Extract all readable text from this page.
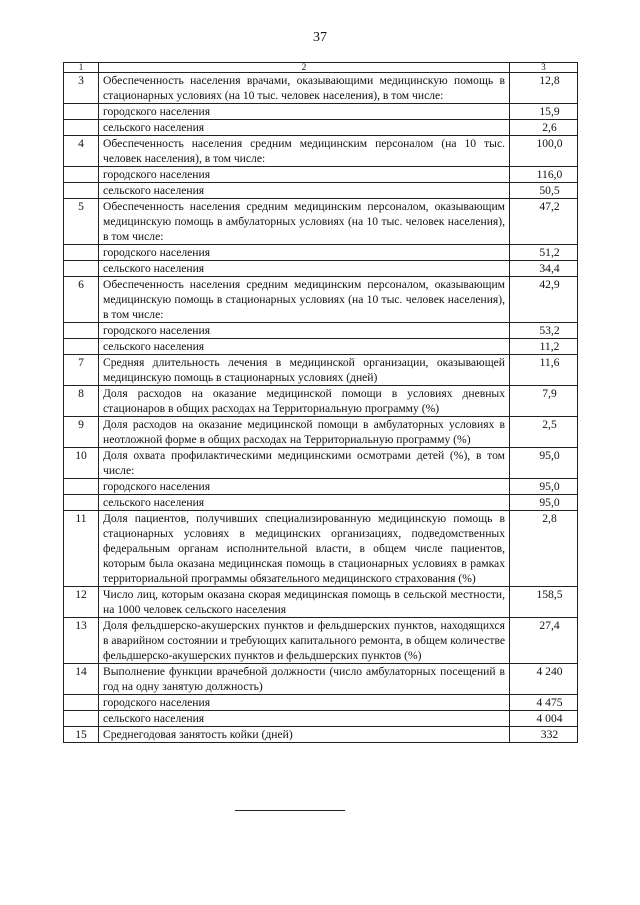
37
1	2	3
3	Обеспеченность населения врачами, оказывающими медицинскую помощь в стационарных условиях (на 10 тыс. человек населения), в том числе:	12,8
	городского населения	15,9
	сельского населения	2,6
4	Обеспеченность населения средним медицинским персоналом (на 10 тыс. человек населения), в том числе:	100,0
	городского населения	116,0
	сельского населения	50,5
5	Обеспеченность населения средним медицинским персоналом, оказывающим медицинскую помощь в амбулаторных условиях (на 10 тыс. человек населения), в том числе:	47,2
	городского населения	51,2
	сельского населения	34,4
6	Обеспеченность населения средним медицинским персоналом, оказывающим медицинскую помощь в стационарных условиях (на 10 тыс. человек населения), в том числе:	42,9
	городского населения	53,2
	сельского населения	11,2
7	Средняя длительность лечения в медицинской организации, оказывающей медицинскую помощь в стационарных условиях (дней)	11,6
8	Доля расходов на оказание медицинской помощи в условиях дневных стационаров в общих расходах на Территориальную программу (%)	7,9
9	Доля расходов на оказание медицинской помощи в амбулаторных условиях в неотложной форме в общих расходах на Территориальную программу (%)	2,5
10	Доля охвата профилактическими медицинскими осмотрами детей (%), в том числе:	95,0
	городского населения	95,0
	сельского населения	95,0
11	Доля пациентов, получивших специализированную медицинскую помощь в стационарных условиях в медицинских организациях, подведомственных федеральным органам исполнительной власти, в общем числе пациентов, которым была оказана медицинская помощь в стационарных условиях в рамках территориальной программы обязательного медицинского страхования (%)	2,8
12	Число лиц, которым оказана скорая медицинская помощь в сельской местности, на 1000 человек сельского населения	158,5
13	Доля фельдшерско-акушерских пунктов и фельдшерских пунктов, находящихся в аварийном состоянии и требующих капитального ремонта, в общем количестве фельдшерско-акушерских пунктов и фельдшерских пунктов (%)	27,4
14	Выполнение функции врачебной должности (число амбулаторных посещений в год на одну занятую должность)	4 240
	городского населения	4 475
	сельского населения	4 004
15	Среднегодовая занятость койки (дней)	332
